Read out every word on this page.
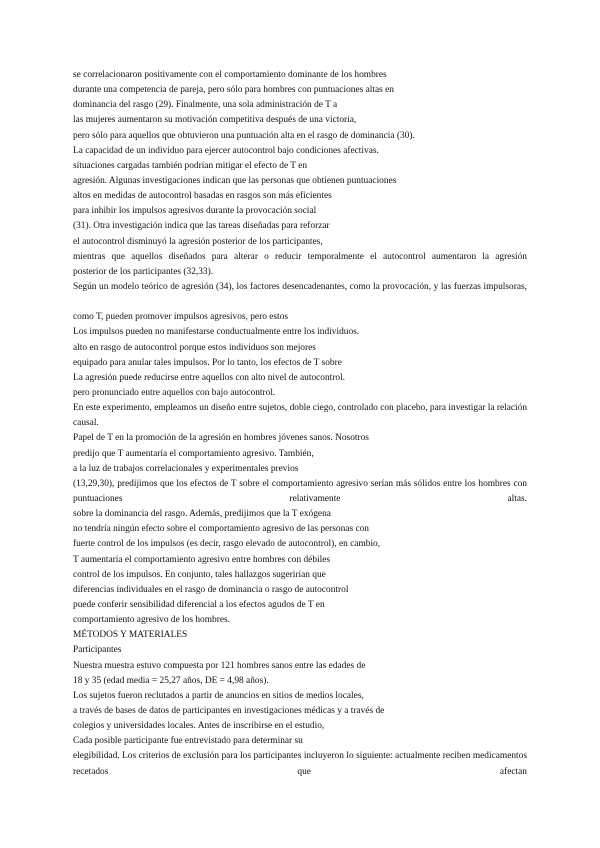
se correlacionaron positivamente con el comportamiento dominante de los hombres
durante una competencia de pareja, pero sólo para hombres con puntuaciones altas en
dominancia del rasgo (29). Finalmente, una sola administración de T a
las mujeres aumentaron su motivación competitiva después de una victoria,
pero sólo para aquellos que obtuvieron una puntuación alta en el rasgo de dominancia (30).
La capacidad de un individuo para ejercer autocontrol bajo condiciones afectivas.
situaciones cargadas también podrían mitigar el efecto de T en
agresión. Algunas investigaciones indican que las personas que obtienen puntuaciones
altos en medidas de autocontrol basadas en rasgos son más eficientes
para inhibir los impulsos agresivos durante la provocación social
(31). Otra investigación indica que las tareas diseñadas para reforzar
el autocontrol disminuyó la agresión posterior de los participantes,
mientras que aquellos diseñados para alterar o reducir temporalmente el autocontrol aumentaron la agresión
posterior de los participantes (32,33).
Según un modelo teórico de agresión (34), los factores desencadenantes, como la provocación, y las fuerzas impulsoras,
como T, pueden promover impulsos agresivos, pero estos
Los impulsos pueden no manifestarse conductualmente entre los individuos.
alto en rasgo de autocontrol porque estos individuos son mejores
equipado para anular tales impulsos. Por lo tanto, los efectos de T sobre
La agresión puede reducirse entre aquellos con alto nivel de autocontrol.
pero pronunciado entre aquellos con bajo autocontrol.
En este experimento, empleamos un diseño entre sujetos, doble ciego, controlado con placebo, para investigar la relación causal.
Papel de T en la promoción de la agresión en hombres jóvenes sanos. Nosotros
predijo que T aumentaría el comportamiento agresivo. También,
a la luz de trabajos correlacionales y experimentales previos
(13,29,30), predijimos que los efectos de T sobre el comportamiento agresivo serían más sólidos entre los hombres con puntuaciones relativamente altas.
sobre la dominancia del rasgo. Además, predijimos que la T exógena
no tendría ningún efecto sobre el comportamiento agresivo de las personas con
fuerte control de los impulsos (es decir, rasgo elevado de autocontrol), en cambio,
T aumentaría el comportamiento agresivo entre hombres con débiles
control de los impulsos. En conjunto, tales hallazgos sugerirían que
diferencias individuales en el rasgo de dominancia o rasgo de autocontrol
puede conferir sensibilidad diferencial a los efectos agudos de T en
comportamiento agresivo de los hombres.
MÉTODOS Y MATERIALES
Participantes
Nuestra muestra estuvo compuesta por 121 hombres sanos entre las edades de
18 y 35 (edad media = 25,27 años, DE = 4,98 años).
Los sujetos fueron reclutados a partir de anuncios en sitios de medios locales,
a través de bases de datos de participantes en investigaciones médicas y a través de
colegios y universidades locales. Antes de inscribirse en el estudio,
Cada posible participante fue entrevistado para determinar su
elegibilidad. Los criterios de exclusión para los participantes incluyeron lo siguiente: actualmente reciben medicamentos recetados que afectan
